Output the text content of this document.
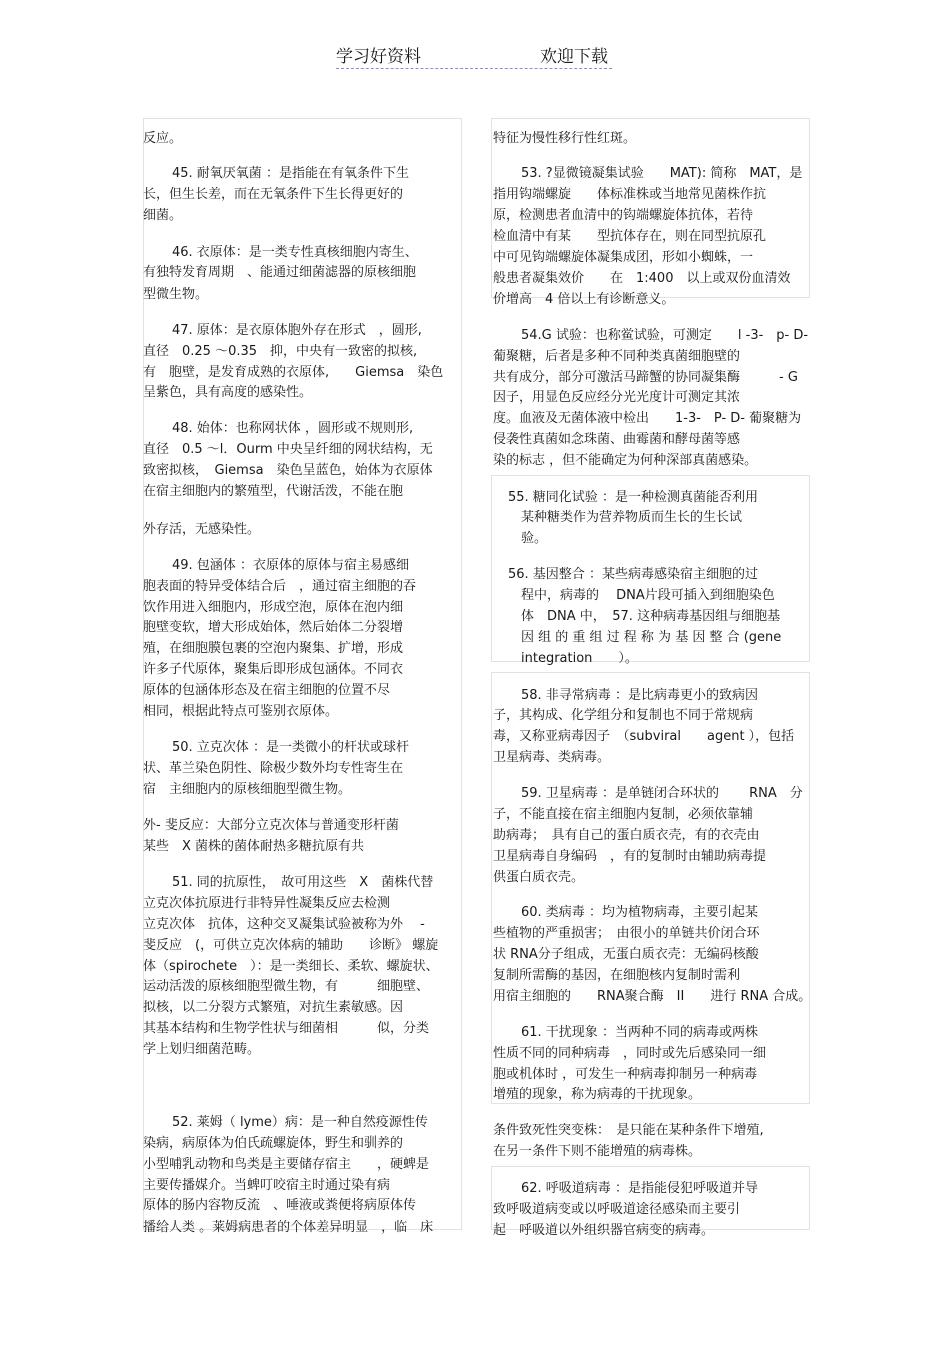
学习好资料	欢迎下载
反应。
45. 耐氧厌氧菌 ：是指能在有氧条件下生
长，但生长差，而在无氧条件下生长得更好的
细菌。
46. 衣原体：是一类专性真核细胞内寄生、
有独特发育周期　、能通过细菌滤器的原核细胞
型微生物。
47. 原体：是衣原体胞外存在形式　，圆形,
直径　0.25 ～0.35　抑，中央有一致密的拟核,
有　胞壁，是发育成熟的衣原体,　　Giemsa　染色
呈紫色，具有高度的感染性。
48. 始体：也称网状体 ，圆形或不规则形,
直径　0.5 ～l．Ourm 中央呈纤细的网状结构，无
致密拟核，　Giemsa　染色呈蓝色，始体为衣原体
在宿主细胞内的繁殖型，代谢活泼，不能在胞
外存活，无感染性。
49. 包涵体 ：衣原体的原体与宿主易感细
胞表面的特异受体结合后　，通过宿主细胞的吞
饮作用进入细胞内，形成空泡，原体在泡内细
胞壁变软，增大形成始体，然后始体二分裂增
殖，在细胞膜包裹的空泡内聚集、扩增，形成
许多子代原体，聚集后即形成包涵体。不同衣
原体的包涵体形态及在宿主细胞的位置不尽
相同，根据此特点可鉴别衣原体。
50. 立克次体 ：是一类微小的杆状或球杆
状、革兰染色阴性、除极少数外均专性寄生在
宿　主细胞内的原核细胞型微生物。
外- 斐反应：大部分立克次体与普通变形杆菌
某些　X 菌株的菌体耐热多糖抗原有共
51. 同的抗原性，　故可用这些　X　菌株代替
立克次体抗原进行非特异性凝集反应去检测
立克次体　抗体，这种交叉凝集试验被称为外　 -
斐反应　(，可供立克次体病的辅助　　诊断》 螺旋
体（spirochete　）：是一类细长、柔软、螺旋状、
运动活泼的原核细胞型微生物，有　　　细胞壁、
拟核，以二分裂方式繁殖，对抗生素敏感。因
其基本结构和生物学性状与细菌相　　　似，分类
学上划归细菌范畴。
52. 莱姆（ lyme）病：是一种自然疫源性传
染病，病原体为伯氏疏螺旋体，野生和驯养的
小型哺乳动物和鸟类是主要储存宿主　　，硬蜱是
主要传播媒介。当蜱叮咬宿主时通过染有病
原体的肠内容物反流　、唾液或粪便将病原体传
播给人类 。莱姆病患者的个体差异明显　，临　床
特征为慢性移行性红斑。
53. ?显微镜凝集试验　　MAT): 简称　MAT，是
指用钩端螺旋　　体标准株或当地常见菌株作抗
原，检测患者血清中的钩端螺旋体抗体，若待
检血清中有某　　型抗体存在，则在同型抗原孔
中可见钩端螺旋体凝集成团，形如小蜘蛛，一
般患者凝集效价　　在　1:400　以上或双份血清效
价增高　4 倍以上有诊断意义。
54.G 试验：也称鲎试验，可测定　　l -3-　p- D-
葡聚糖，后者是多种不同种类真菌细胞壁的
共有成分，部分可激活马蹄蟹的协同凝集酶　　　- G
因子，用显色反应经分光光度计可测定其浓
度。血液及无菌体液中检出　　1-3-　P- D- 葡聚糖为
侵袭性真菌如念珠菌、曲霉菌和酵母菌等感
染的标志 ，但不能确定为何种深部真菌感染。
55. 糖同化试验 ：是一种检测真菌能否利用
某种糖类作为营养物质而生长的生长试
验。
56. 基因整合 ：某些病毒感染宿主细胞的过
程中，病毒的　 DNA片段可插入到细胞染色
体　DNA 中，　57. 这种病毒基因组与细胞基
因 组 的 重 组 过 程 称 为 基 因 整 合 (gene
integration　　）。
58. 非寻常病毒 ：是比病毒更小的致病因
子，其构成、化学组分和复制也不同于常规病
毒，又称亚病毒因子　（subviral　　agent ），包括
卫星病毒、类病毒。
59. 卫星病毒 ：是单链闭合环状的　　 RNA　分
子，不能直接在宿主细胞内复制，必须依靠辅
助病毒；　具有自己的蛋白质衣壳，有的衣壳由
卫星病毒自身编码　，有的复制时由辅助病毒提
供蛋白质衣壳。
60. 类病毒 ：均为植物病毒，主要引起某
些植物的严重损害；　由很小的单链共价闭合环
状 RNA分子组成，无蛋白质衣壳：无编码核酸
复制所需酶的基因，在细胞核内复制时需利
用宿主细胞的　　RNA聚合酶　II　　进行 RNA 合成。
61. 干扰现象 ：当两种不同的病毒或两株
性质不同的同种病毒　，同时或先后感染同一细
胞或机体时 ，可发生一种病毒抑制另一种病毒
增殖的现象，称为病毒的干扰现象。
条件致死性突变株：　是只能在某种条件下增殖,
在另一条件下则不能增殖的病毒株。
62. 呼吸道病毒 ：是指能侵犯呼吸道并导
致呼吸道病变或以呼吸道途径感染而主要引
起　呼吸道以外组织器官病变的病毒。
